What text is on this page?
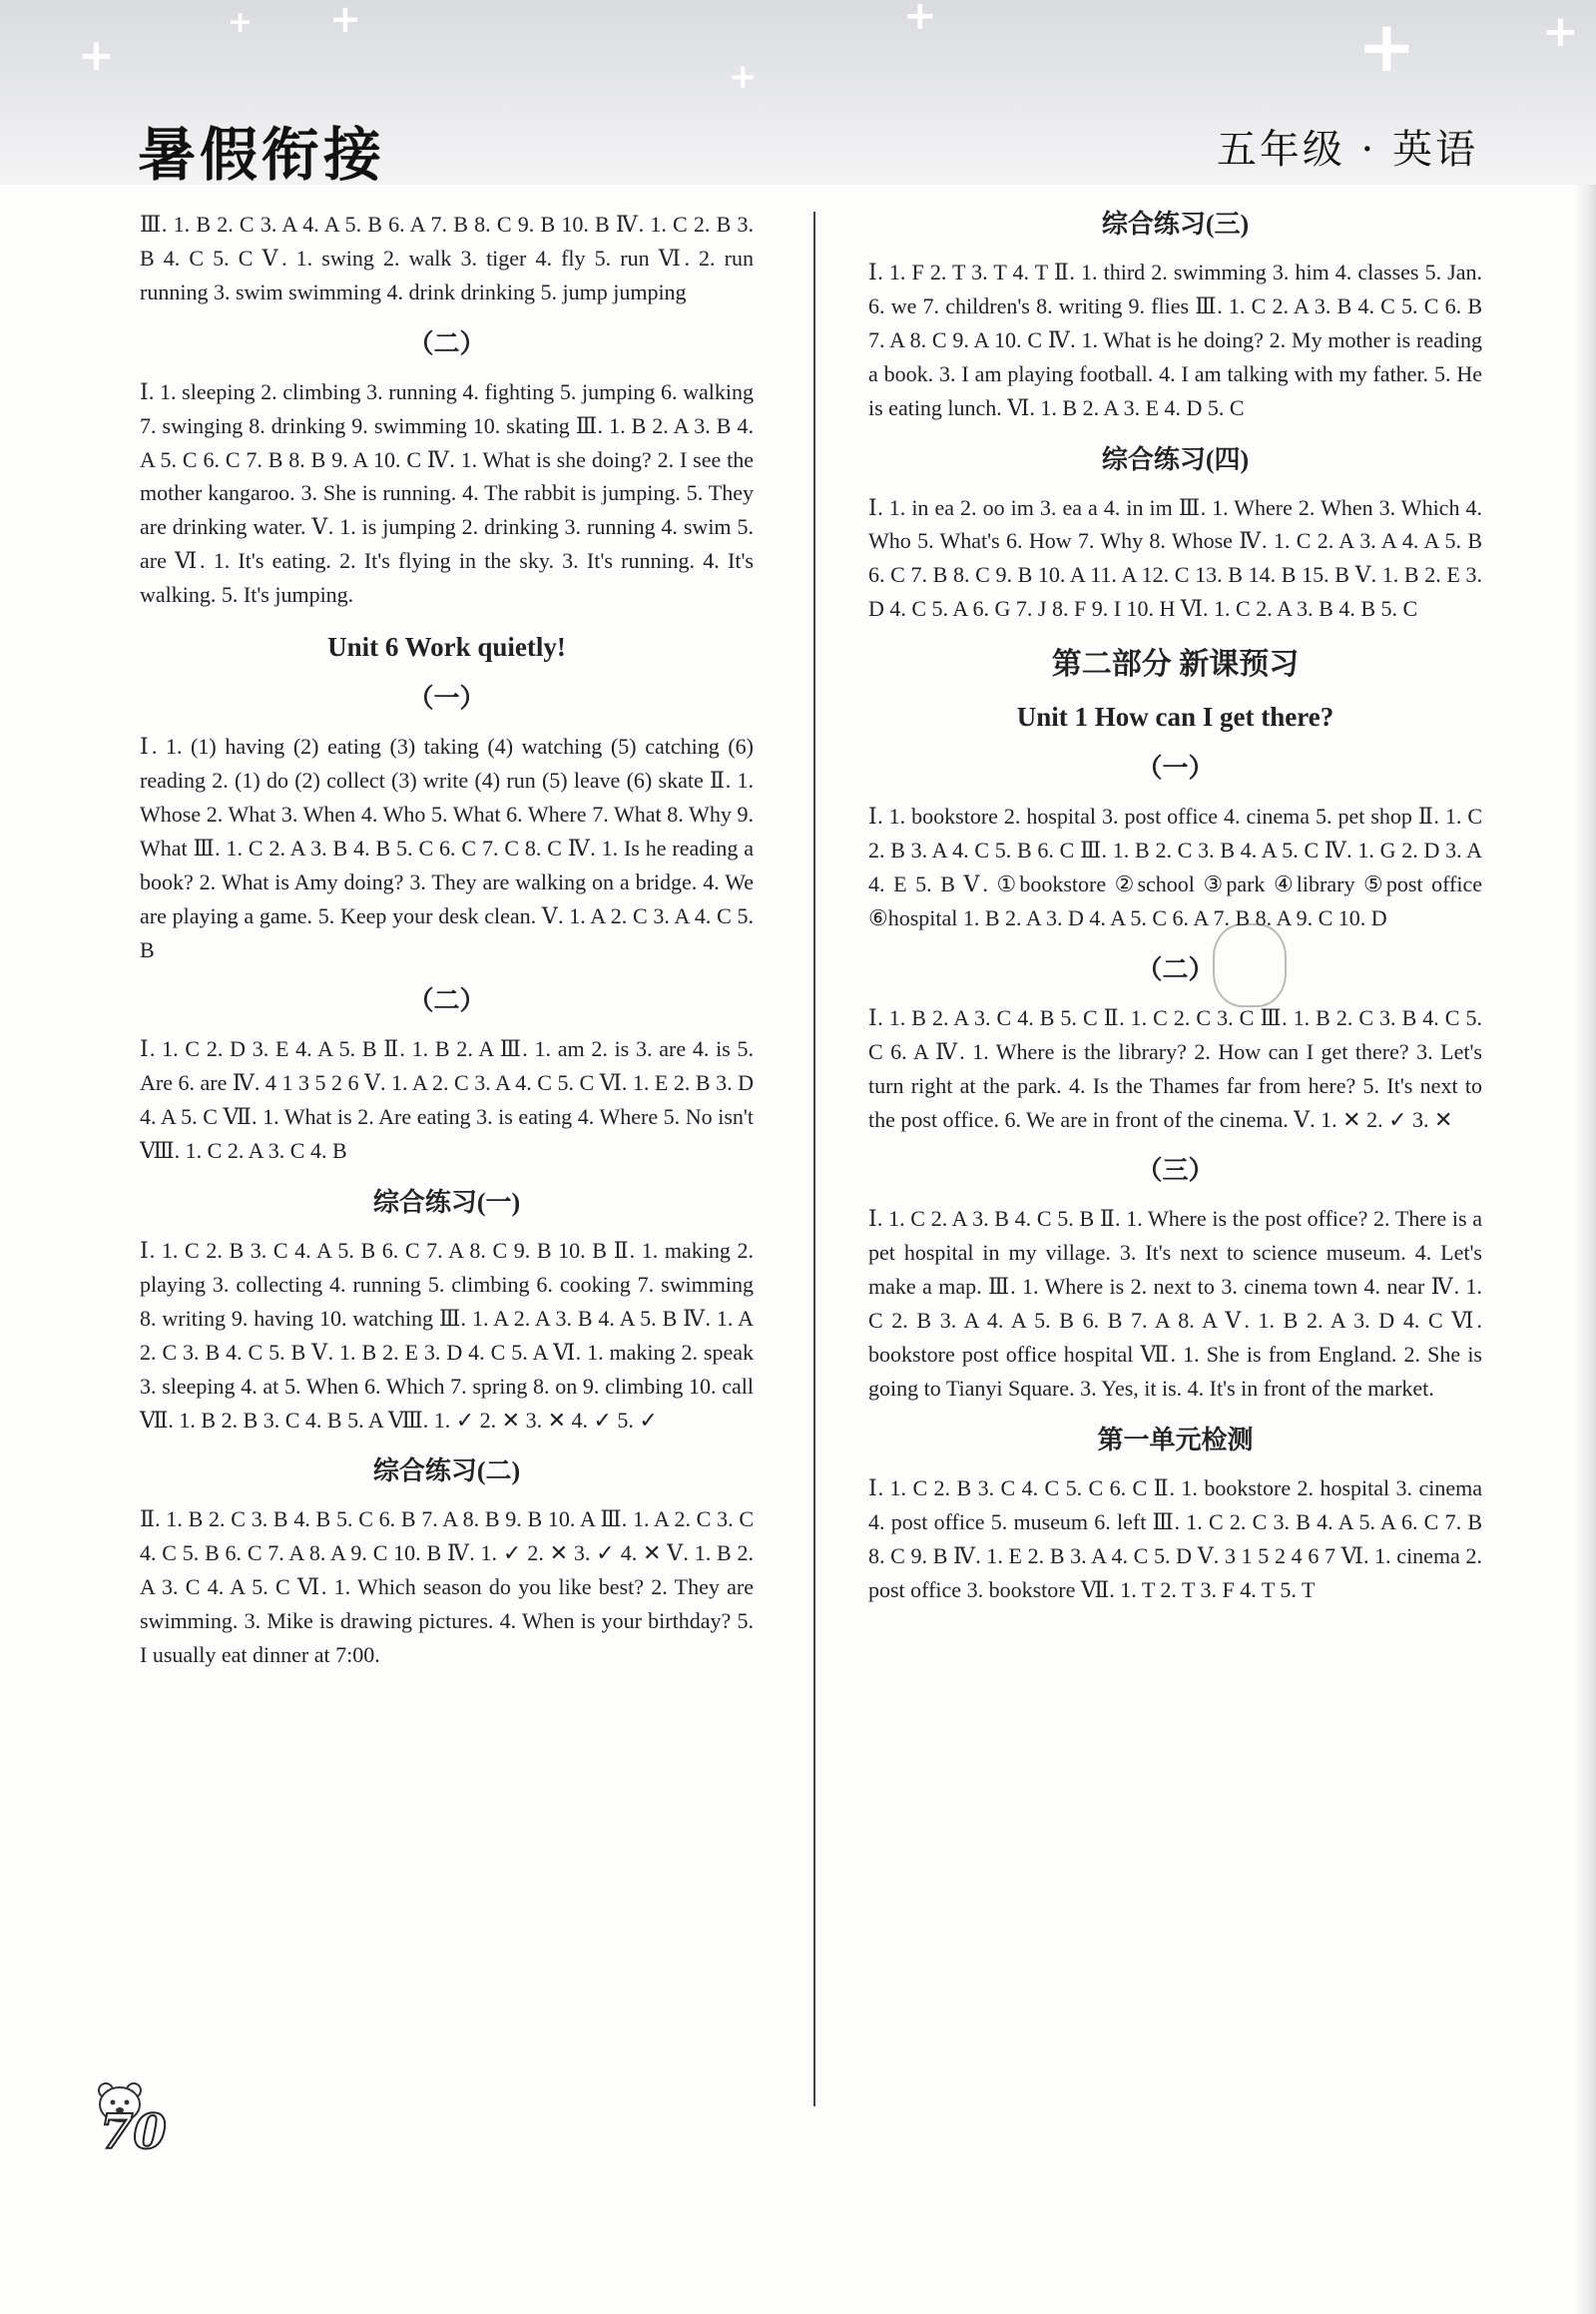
+
+ +
+
+	+	+
暑假衔接	五年级 · 英语

Ⅲ. 1. B 2. C 3. A 4. A 5. B 6. A 7. B 8. C 9. B 10. B Ⅳ. 1. C 2. B 3. B 4. C 5. C Ⅴ. 1. swing 2. walk 3. tiger 4. fly 5. run Ⅵ. 2. run running 3. swim swimming 4. drink drinking 5. jump jumping

（二）

Ⅰ. 1. sleeping 2. climbing 3. running 4. fighting 5. jumping 6. walking 7. swinging 8. drinking 9. swimming 10. skating Ⅲ. 1. B 2. A 3. B 4. A 5. C 6. C 7. B 8. B 9. A 10. C Ⅳ. 1. What is she doing? 2. I see the mother kangaroo. 3. She is running. 4. The rabbit is jumping. 5. They are drinking water. Ⅴ. 1. is jumping 2. drinking 3. running 4. swim 5. are Ⅵ. 1. It's eating. 2. It's flying in the sky. 3. It's running. 4. It's walking. 5. It's jumping.

Unit 6 Work quietly!
（一）

Ⅰ. 1. (1) having (2) eating (3) taking (4) watching (5) catching (6) reading 2. (1) do (2) collect (3) write (4) run (5) leave (6) skate Ⅱ. 1. Whose 2. What 3. When 4. Who 5. What 6. Where 7. What 8. Why 9. What Ⅲ. 1. C 2. A 3. B 4. B 5. C 6. C 7. C 8. C Ⅳ. 1. Is he reading a book? 2. What is Amy doing? 3. They are walking on a bridge. 4. We are playing a game. 5. Keep your desk clean. Ⅴ. 1. A 2. C 3. A 4. C 5. B

（二）

Ⅰ. 1. C 2. D 3. E 4. A 5. B Ⅱ. 1. B 2. A Ⅲ. 1. am 2. is 3. are 4. is 5. Are 6. are Ⅳ. 4 1 3 5 2 6 Ⅴ. 1. A 2. C 3. A 4. C 5. C Ⅵ. 1. E 2. B 3. D 4. A 5. C Ⅶ. 1. What is 2. Are eating 3. is eating 4. Where 5. No isn't Ⅷ. 1. C 2. A 3. C 4. B

综合练习(一)

Ⅰ. 1. C 2. B 3. C 4. A 5. B 6. C 7. A 8. C 9. B 10. B Ⅱ. 1. making 2. playing 3. collecting 4. running 5. climbing 6. cooking 7. swimming 8. writing 9. having 10. watching Ⅲ. 1. A 2. A 3. B 4. A 5. B Ⅳ. 1. A 2. C 3. B 4. C 5. B Ⅴ. 1. B 2. E 3. D 4. C 5. A Ⅵ. 1. making 2. speak 3. sleeping 4. at 5. When 6. Which 7. spring 8. on 9. climbing 10. call Ⅶ. 1. B 2. B 3. C 4. B 5. A Ⅷ. 1. ✓ 2. ✕ 3. ✕ 4. ✓ 5. ✓

综合练习(二)

Ⅱ. 1. B 2. C 3. B 4. B 5. C 6. B 7. A 8. B 9. B 10. A Ⅲ. 1. A 2. C 3. C 4. C 5. B 6. C 7. A 8. A 9. C 10. B Ⅳ. 1. ✓ 2. ✕ 3. ✓ 4. ✕ Ⅴ. 1. B 2. A 3. C 4. A 5. C Ⅵ. 1. Which season do you like best? 2. They are swimming. 3. Mike is drawing pictures. 4. When is your birthday? 5. I usually eat dinner at 7:00.

综合练习(三)

Ⅰ. 1. F 2. T 3. T 4. T Ⅱ. 1. third 2. swimming 3. him 4. classes 5. Jan. 6. we 7. children's 8. writing 9. flies Ⅲ. 1. C 2. A 3. B 4. C 5. C 6. B 7. A 8. C 9. A 10. C Ⅳ. 1. What is he doing? 2. My mother is reading a book. 3. I am playing football. 4. I am talking with my father. 5. He is eating lunch. Ⅵ. 1. B 2. A 3. E 4. D 5. C

综合练习(四)

Ⅰ. 1. in ea 2. oo im 3. ea a 4. in im Ⅲ. 1. Where 2. When 3. Which 4. Who 5. What's 6. How 7. Why 8. Whose Ⅳ. 1. C 2. A 3. A 4. A 5. B 6. C 7. B 8. C 9. B 10. A 11. A 12. C 13. B 14. B 15. B Ⅴ. 1. B 2. E 3. D 4. C 5. A 6. G 7. J 8. F 9. I 10. H Ⅵ. 1. C 2. A 3. B 4. B 5. C

第二部分 新课预习
Unit 1 How can I get there?
（一）

Ⅰ. 1. bookstore 2. hospital 3. post office 4. cinema 5. pet shop Ⅱ. 1. C 2. B 3. A 4. C 5. B 6. C Ⅲ. 1. B 2. C 3. B 4. A 5. C Ⅳ. 1. G 2. D 3. A 4. E 5. B Ⅴ. ①bookstore ②school ③park ④library ⑤post office ⑥hospital 1. B 2. A 3. D 4. A 5. C 6. A 7. B 8. A 9. C 10. D

（二）

Ⅰ. 1. B 2. A 3. C 4. B 5. C Ⅱ. 1. C 2. C 3. C Ⅲ. 1. B 2. C 3. B 4. C 5. C 6. A Ⅳ. 1. Where is the library? 2. How can I get there? 3. Let's turn right at the park. 4. Is the Thames far from here? 5. It's next to the post office. 6. We are in front of the cinema. Ⅴ. 1. ✕ 2. ✓ 3. ✕

（三）

Ⅰ. 1. C 2. A 3. B 4. C 5. B Ⅱ. 1. Where is the post office? 2. There is a pet hospital in my village. 3. It's next to science museum. 4. Let's make a map. Ⅲ. 1. Where is 2. next to 3. cinema town 4. near Ⅳ. 1. C 2. B 3. A 4. A 5. B 6. B 7. A 8. A Ⅴ. 1. B 2. A 3. D 4. C Ⅵ. bookstore post office hospital Ⅶ. 1. She is from England. 2. She is going to Tianyi Square. 3. Yes, it is. 4. It's in front of the market.

第一单元检测

Ⅰ. 1. C 2. B 3. C 4. C 5. C 6. C Ⅱ. 1. bookstore 2. hospital 3. cinema 4. post office 5. museum 6. left Ⅲ. 1. C 2. C 3. B 4. A 5. A 6. C 7. B 8. C 9. B Ⅳ. 1. E 2. B 3. A 4. C 5. D Ⅴ. 3 1 5 2 4 6 7 Ⅵ. 1. cinema 2. post office 3. bookstore Ⅶ. 1. T 2. T 3. F 4. T 5. T

70
